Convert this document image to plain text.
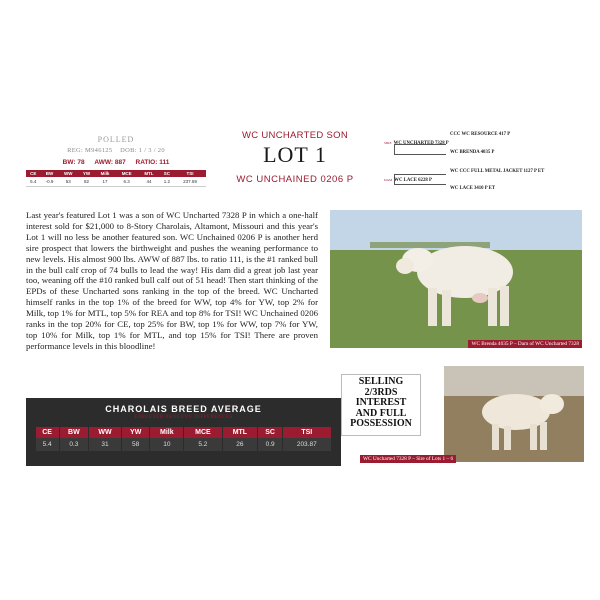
POLLED
REG: M946125 DOB: 1 / 3 / 20
BW: 78 AWW: 887 RATIO: 111
CE	BW	WW	YW	Milk	MCE	MTL	SC	TSI
5.4	-0.9	53	82	17	6.3	44	1.2	237.59
WC UNCHARTED SON
LOT 1
WC UNCHAINED 0206 P
CCC WC RESOURCE 417 P
SIRE WC UNCHARTED 7328 P
WC BRENDA 4035 P
WC CCC FULL METAL JACKET 1127 P ET
DAM WC LACE 6228 P
WC LACE 3410 P ET
Last year's featured Lot 1 was a son of WC Uncharted 7328 P in which a one-half interest sold for $21,000 to 8-Story Charolais, Altamont, Missouri and this year's Lot 1 will no less be another featured son. WC Unchained 0206 P is another herd sire prospect that lowers the birthweight and pushes the weaning performance to new levels. His almost 900 lbs. AWW of 887 lbs. to ratio 111, is the #1 ranked bull in the bull calf crop of 74 bulls to lead the way! His dam did a great job last year too, weaning off the #10 ranked bull calf out of 51 head! Then start thinking of the EPDs of these Uncharted sons ranking in the top of the breed. WC Uncharted himself ranks in the top 1% of the breed for WW, top 4% for YW, top 2% for Milk, top 1% for MTL, top 5% for REA and top 8% for TSI! WC Unchained 0206 ranks in the top 20% for CE, top 25% for BW, top 1% for WW, top 7% for YW, top 10% for Milk, top 1% for MTL, and top 15% for TSI! There are proven performance levels in this bloodline!	WC Brenda 4035 P – Dam of WC Uncharted 7328
SELLING
2/3RDS
INTEREST
AND FULL
POSSESSION
WC Uncharted 7328 P – Sire of Lots 1 – 6
CHAROLAIS BREED AVERAGE
EXPECTED PROGENY DIFFERENCES
CE	BW	WW	YW	Milk	MCE	MTL	SC	TSI
5.4	0.3	31	58	10	5.2	26	0.9	203.87
